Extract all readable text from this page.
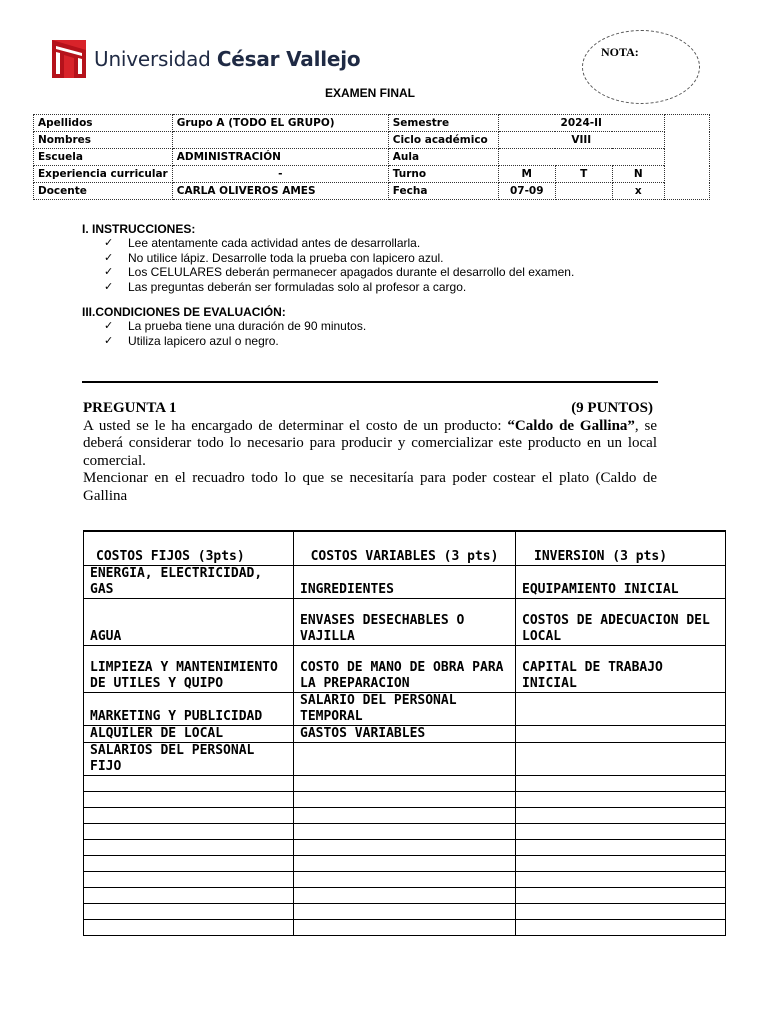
Universidad César Vallejo	NOTA:
EXAMEN FINAL
Apellidos	Grupo A (TODO EL GRUPO)	Semestre	2024-II			
Nombres		Ciclo académico	VIII			
Escuela	ADMINISTRACIÓN	Aula				
Experiencia curricular	-	Turno	M	T	N	
Docente	CARLA OLIVEROS AMES	Fecha	07-09		x	
I. INSTRUCCIONES:
✓ Lee atentamente cada actividad antes de desarrollarla.
✓ No utilice lápiz. Desarrolle toda la prueba con lapicero azul.
✓ Los CELULARES deberán permanecer apagados durante el desarrollo del examen.
✓ Las preguntas deberán ser formuladas solo al profesor a cargo.
III.CONDICIONES DE EVALUACIÓN:
✓ La prueba tiene una duración de 90 minutos.
✓ Utiliza lapicero azul o negro.
PREGUNTA 1	(9 PUNTOS)

A usted se le ha encargado de determinar el costo de un producto: “Caldo de Gallina”, se deberá considerar todo lo necesario para producir y comercializar este producto en un local comercial.

Mencionar en el recuadro todo lo que se necesitaría para poder costear el plato (Caldo de Gallina

COSTOS FIJOS (3pts)	COSTOS VARIABLES (3 pts)	INVERSION (3 pts)
ENERGIA, ELECTRICIDAD, GAS	INGREDIENTES	EQUIPAMIENTO INICIAL
AGUA	ENVASES DESECHABLES O VAJILLA	COSTOS DE ADECUACION DEL LOCAL
LIMPIEZA Y MANTENIMIENTO DE UTILES Y QUIPO	COSTO DE MANO DE OBRA PARA LA PREPARACION	CAPITAL DE TRABAJO INICIAL
MARKETING Y PUBLICIDAD	SALARIO DEL PERSONAL TEMPORAL	
ALQUILER DE LOCAL	GASTOS VARIABLES	
SALARIOS DEL PERSONAL FIJO		
